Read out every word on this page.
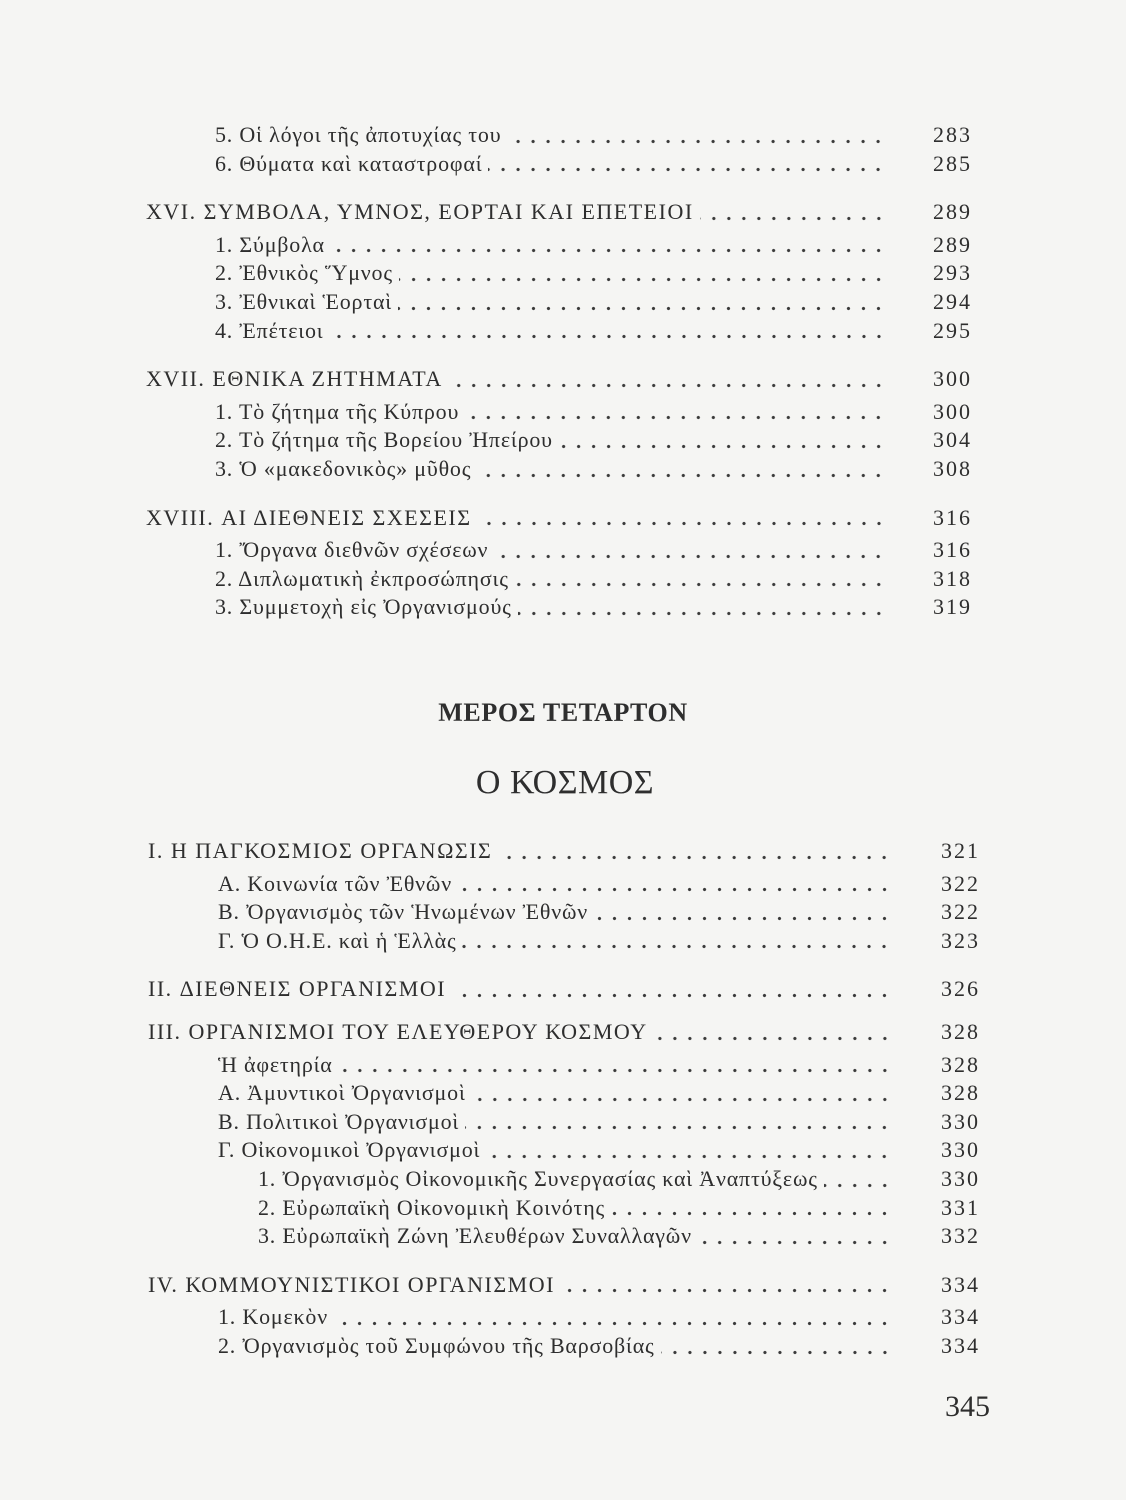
5. Οἱ λόγοι τῆς ἀποτυχίας του	283
6. Θύματα καὶ καταστροφαί	285
XVI. ΣΥΜΒΟΛΑ, ΥΜΝΟΣ, ΕΟΡΤΑΙ ΚΑΙ ΕΠΕΤΕΙΟΙ	289
1. Σύμβολα	289
2. Ἐθνικὸς Ὕμνος	293
3. Ἐθνικαὶ Ἑορταὶ	294
4. Ἐπέτειοι	295
XVII. ΕΘΝΙΚΑ ΖΗΤΗΜΑΤΑ	300
1. Τὸ ζήτημα τῆς Κύπρου	300
2. Τὸ ζήτημα τῆς Βορείου Ἠπείρου	304
3. Ὁ «μακεδονικὸς» μῦθος	308
XVIII. ΑΙ ΔΙΕΘΝΕΙΣ ΣΧΕΣΕΙΣ	316
1. Ὄργανα διεθνῶν σχέσεων	316
2. Διπλωματικὴ ἐκπροσώπησις	318
3. Συμμετοχὴ εἰς Ὀργανισμούς	319
ΜΕΡΟΣ ΤΕΤΑΡΤΟΝ
Ο ΚΟΣΜΟΣ
I. Η ΠΑΓΚΟΣΜΙΟΣ ΟΡΓΑΝΩΣΙΣ	321
Α. Κοινωνία τῶν Ἐθνῶν	322
Β. Ὀργανισμὸς τῶν Ἡνωμένων Ἐθνῶν	322
Γ. Ὁ Ο.Η.Ε. καὶ ἡ Ἑλλὰς	323
II. ΔΙΕΘΝΕΙΣ ΟΡΓΑΝΙΣΜΟΙ	326
III. ΟΡΓΑΝΙΣΜΟΙ ΤΟΥ ΕΛΕΥΘΕΡΟΥ ΚΟΣΜΟΥ	328
Ἡ ἀφετηρία	328
Α. Ἀμυντικοὶ Ὀργανισμοὶ	328
Β. Πολιτικοὶ Ὀργανισμοὶ	330
Γ. Οἰκονομικοὶ Ὀργανισμοὶ	330
1. Ὀργανισμὸς Οἰκονομικῆς Συνεργασίας καὶ Ἀναπτύξεως	330
2. Εὐρωπαϊκὴ Οἰκονομικὴ Κοινότης	331
3. Εὐρωπαϊκὴ Ζώνη Ἐλευθέρων Συναλλαγῶν	332
IV. ΚΟΜΜΟΥΝΙΣΤΙΚΟΙ ΟΡΓΑΝΙΣΜΟΙ	334
1. Κομεκὸν	334
2. Ὀργανισμὸς τοῦ Συμφώνου τῆς Βαρσοβίας	334
345
